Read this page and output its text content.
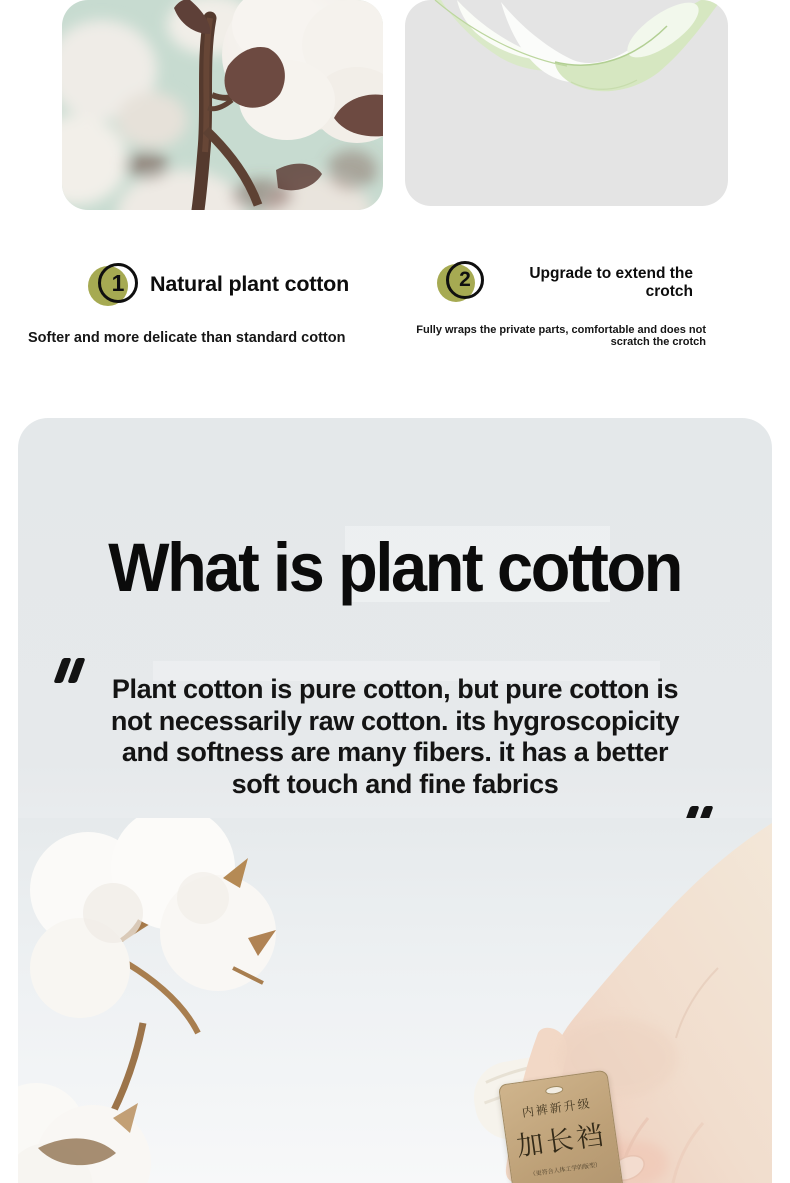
1 Natural plant cotton
Softer and more delicate than standard cotton
2	Upgrade to extend the
crotch
Fully wraps the private parts, comfortable and does not
scratch the crotch
What is plant cotton
Plant cotton is pure cotton, but pure cotton is
not necessarily raw cotton. its hygroscopicity
and softness are many fibers. it has a better
soft touch and fine fabrics
内裤新升级
加长裆
（更符合人体工学的版型）
